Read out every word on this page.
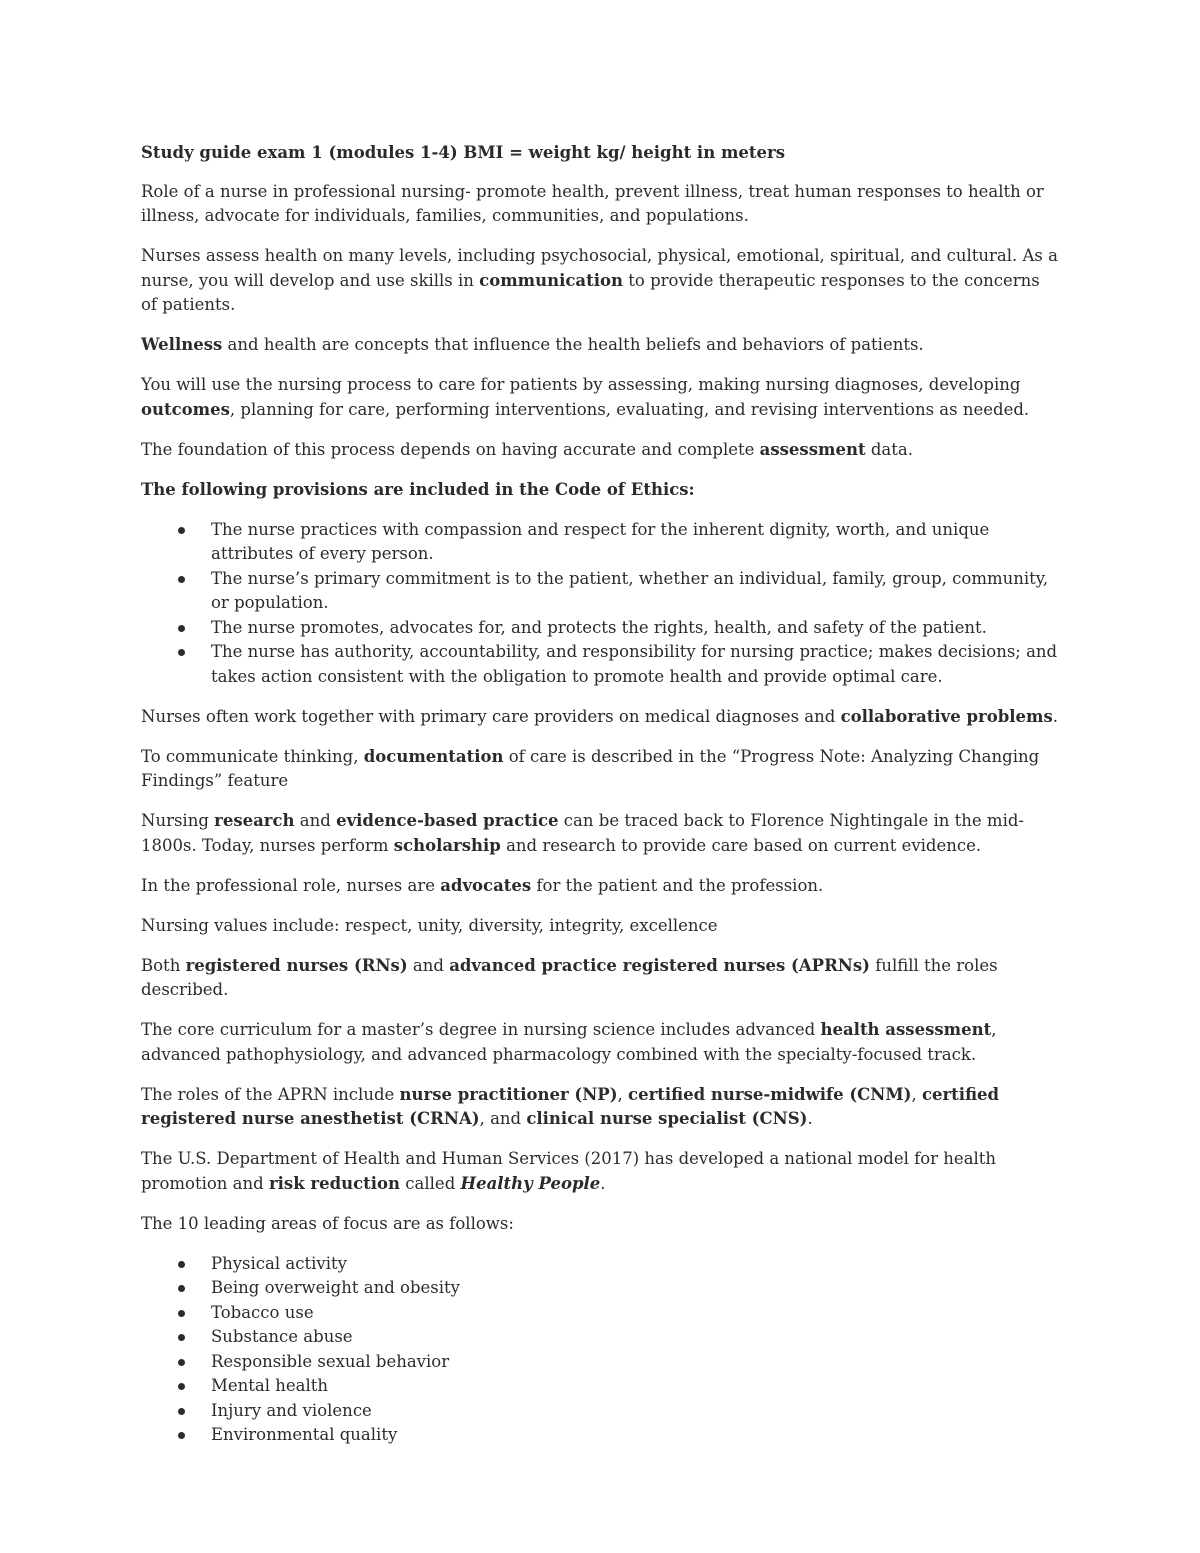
Study guide exam 1 (modules 1-4) BMI = weight kg/ height in meters

Role of a nurse in professional nursing- promote health, prevent illness, treat human responses to health or illness, advocate for individuals, families, communities, and populations.

Nurses assess health on many levels, including psychosocial, physical, emotional, spiritual, and cultural. As a nurse, you will develop and use skills in communication to provide therapeutic responses to the concerns of patients.

Wellness and health are concepts that influence the health beliefs and behaviors of patients.

You will use the nursing process to care for patients by assessing, making nursing diagnoses, developing outcomes, planning for care, performing interventions, evaluating, and revising interventions as needed.

The foundation of this process depends on having accurate and complete assessment data.

The following provisions are included in the Code of Ethics:

The nurse practices with compassion and respect for the inherent dignity, worth, and unique attributes of every person.
The nurse’s primary commitment is to the patient, whether an individual, family, group, community, or population.
The nurse promotes, advocates for, and protects the rights, health, and safety of the patient.
The nurse has authority, accountability, and responsibility for nursing practice; makes decisions; and takes action consistent with the obligation to promote health and provide optimal care.

Nurses often work together with primary care providers on medical diagnoses and collaborative problems.

To communicate thinking, documentation of care is described in the “Progress Note: Analyzing Changing Findings” feature

Nursing research and evidence-based practice can be traced back to Florence Nightingale in the mid-1800s. Today, nurses perform scholarship and research to provide care based on current evidence.

In the professional role, nurses are advocates for the patient and the profession.

Nursing values include: respect, unity, diversity, integrity, excellence

Both registered nurses (RNs) and advanced practice registered nurses (APRNs) fulfill the roles described.

The core curriculum for a master’s degree in nursing science includes advanced health assessment, advanced pathophysiology, and advanced pharmacology combined with the specialty-focused track.

The roles of the APRN include nurse practitioner (NP), certified nurse-midwife (CNM), certified registered nurse anesthetist (CRNA), and clinical nurse specialist (CNS).

The U.S. Department of Health and Human Services (2017) has developed a national model for health promotion and risk reduction called Healthy People.

The 10 leading areas of focus are as follows:

Physical activity
Being overweight and obesity
Tobacco use
Substance abuse
Responsible sexual behavior
Mental health
Injury and violence
Environmental quality
